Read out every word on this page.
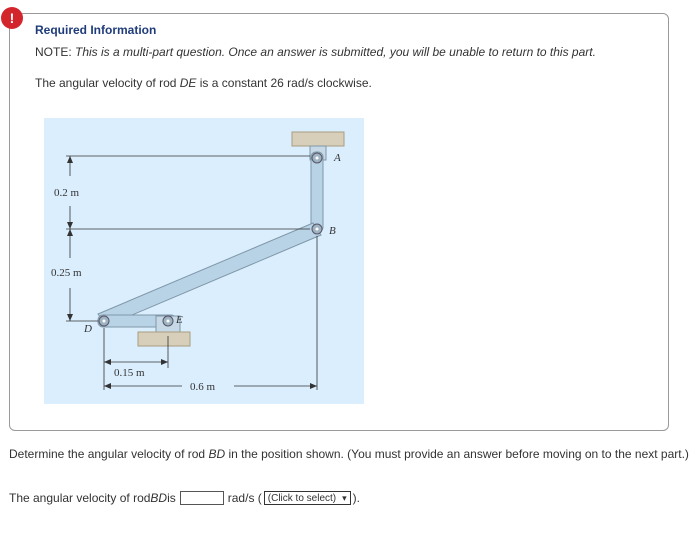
!
Required Information
NOTE: This is a multi-part question. Once an answer is submitted, you will be unable to return to this part.
The angular velocity of rod DE is a constant 26 rad/s clockwise.
A
B
D
E
0.2 m
0.25 m
0.15 m
0.6 m
Determine the angular velocity of rod BD in the position shown. (You must provide an answer before moving on to the next part.)
The angular velocity of rod BD is	rad/s ( (Click to select) ▾ ).
